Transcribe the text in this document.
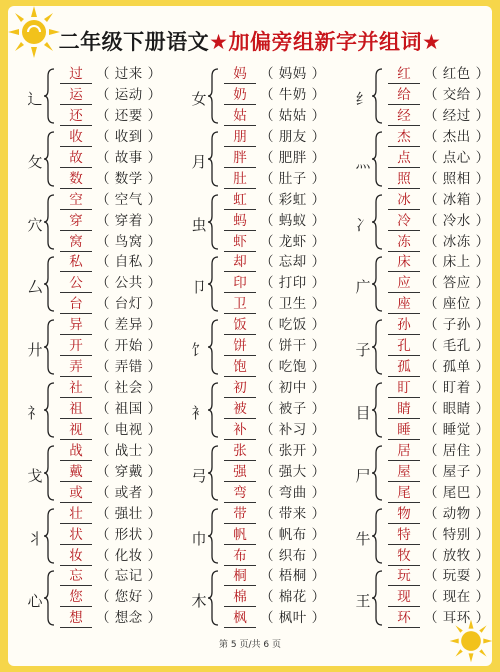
二年级下册语文★加偏旁组新字并组词★
辶
过 （ 过来 ）
运 （ 运动 ）
还 （ 还要 ）
攵
收 （ 收到 ）
故 （ 故事 ）
数 （ 数学 ）
穴
空 （ 空气 ）
穿 （ 穿着 ）
窝 （ 鸟窝 ）
厶
私 （ 自私 ）
公 （ 公共 ）
台 （ 台灯 ）
廾
异 （ 差异 ）
开 （ 开始 ）
弄 （ 弄错 ）
礻
社 （ 社会 ）
祖 （ 祖国 ）
视 （ 电视 ）
戈
战 （ 战士 ）
戴 （ 穿戴 ）
或 （ 或者 ）
丬
壮 （ 强壮 ）
状 （ 形状 ）
妆 （ 化妆 ）
心
忘 （ 忘记 ）
您 （ 您好 ）
想 （ 想念 ）
女
妈 （ 妈妈 ）
奶 （ 牛奶 ）
姑 （ 姑姑 ）
月
朋 （ 朋友 ）
胖 （ 肥胖 ）
肚 （ 肚子 ）
虫
虹 （ 彩虹 ）
蚂 （ 蚂蚁 ）
虾 （ 龙虾 ）
卩
却 （ 忘却 ）
印 （ 打印 ）
卫 （ 卫生 ）
饣
饭 （ 吃饭 ）
饼 （ 饼干 ）
饱 （ 吃饱 ）
衤
初 （ 初中 ）
被 （ 被子 ）
补 （ 补习 ）
弓
张 （ 张开 ）
强 （ 强大 ）
弯 （ 弯曲 ）
巾
带 （ 带来 ）
帆 （ 帆布 ）
布 （ 织布 ）
木
桐 （ 梧桐 ）
棉 （ 棉花 ）
枫 （ 枫叶 ）
纟
红 （ 红色 ）
给 （ 交给 ）
经 （ 经过 ）
灬
杰 （ 杰出 ）
点 （ 点心 ）
照 （ 照相 ）
冫
冰 （ 冰箱 ）
冷 （ 冷水 ）
冻 （ 冰冻 ）
广
床 （ 床上 ）
应 （ 答应 ）
座 （ 座位 ）
子
孙 （ 子孙 ）
孔 （ 毛孔 ）
孤 （ 孤单 ）
目
盯 （ 盯着 ）
睛 （ 眼睛 ）
睡 （ 睡觉 ）
尸
居 （ 居住 ）
屋 （ 屋子 ）
尾 （ 尾巴 ）
牛
物 （ 动物 ）
特 （ 特别 ）
牧 （ 放牧 ）
王
玩 （ 玩耍 ）
现 （ 现在 ）
环 （ 耳环 ）
第 5 页/共 6 页
